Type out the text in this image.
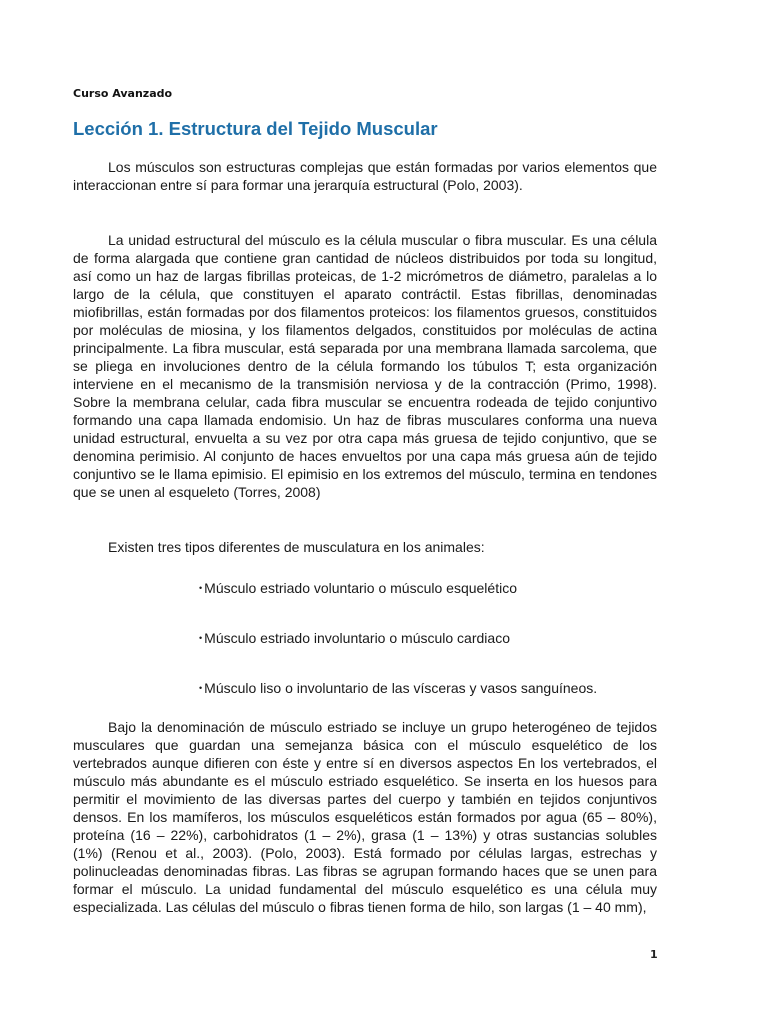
Curso Avanzado
Lección 1. Estructura del Tejido Muscular

Los músculos son estructuras complejas que están formadas por varios elementos que interaccionan entre sí para formar una jerarquía estructural (Polo, 2003).

La unidad estructural del músculo es la célula muscular o fibra muscular. Es una célula de forma alargada que contiene gran cantidad de núcleos distribuidos por toda su longitud, así como un haz de largas fibrillas proteicas, de 1-2 micrómetros de diámetro, paralelas a lo largo de la célula, que constituyen el aparato contráctil. Estas fibrillas, denominadas miofibrillas, están formadas por dos filamentos proteicos: los filamentos gruesos, constituidos por moléculas de miosina, y los filamentos delgados, constituidos por moléculas de actina principalmente. La fibra muscular, está separada por una membrana llamada sarcolema, que se pliega en involuciones dentro de la célula formando los túbulos T; esta organización interviene en el mecanismo de la transmisión nerviosa y de la contracción (Primo, 1998). Sobre la membrana celular, cada fibra muscular se encuentra rodeada de tejido conjuntivo formando una capa llamada endomisio. Un haz de fibras musculares conforma una nueva unidad estructural, envuelta a su vez por otra capa más gruesa de tejido conjuntivo, que se denomina perimisio. Al conjunto de haces envueltos por una capa más gruesa aún de tejido conjuntivo se le llama epimisio. El epimisio en los extremos del músculo, termina en tendones que se unen al esqueleto (Torres, 2008)

Existen tres tipos diferentes de musculatura en los animales:

• Músculo estriado voluntario o músculo esquelético
• Músculo estriado involuntario o músculo cardiaco
• Músculo liso o involuntario de las vísceras y vasos sanguíneos.

Bajo la denominación de músculo estriado se incluye un grupo heterogéneo de tejidos musculares que guardan una semejanza básica con el músculo esquelético de los vertebrados aunque difieren con éste y entre sí en diversos aspectos En los vertebrados, el músculo más abundante es el músculo estriado esquelético. Se inserta en los huesos para permitir el movimiento de las diversas partes del cuerpo y también en tejidos conjuntivos densos. En los mamíferos, los músculos esqueléticos están formados por agua (65 – 80%), proteína (16 – 22%), carbohidratos (1 – 2%), grasa (1 – 13%) y otras sustancias solubles (1%) (Renou et al., 2003). (Polo, 2003). Está formado por células largas, estrechas y polinucleadas denominadas fibras. Las fibras se agrupan formando haces que se unen para formar el músculo. La unidad fundamental del músculo esquelético es una célula muy especializada. Las células del músculo o fibras tienen forma de hilo, son largas (1 – 40 mm),

1
